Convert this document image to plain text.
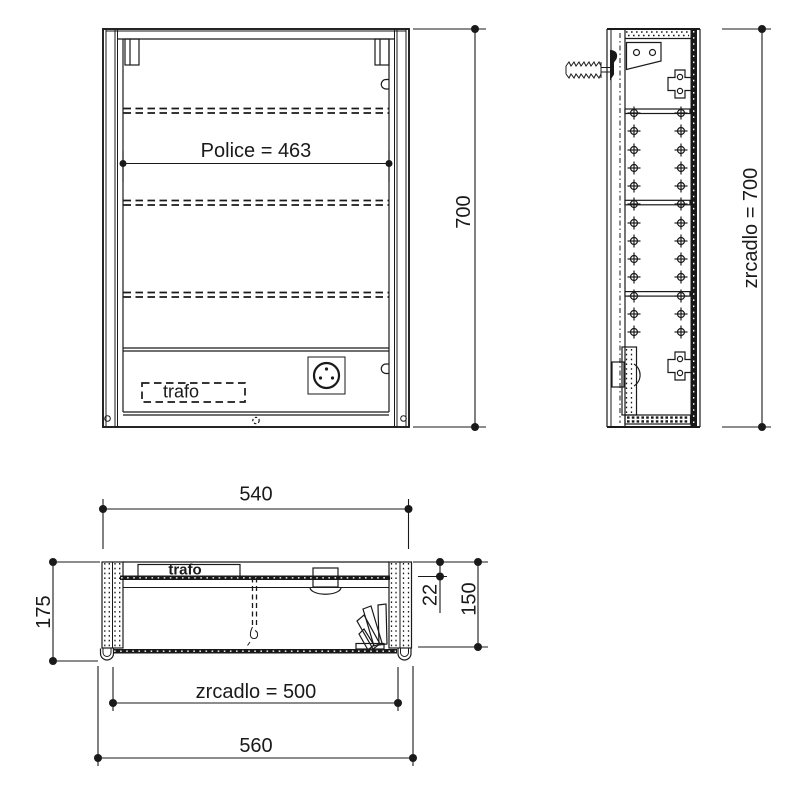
trafo
Police = 463
700	zrcadlo = 700
trafo
540
175
22 150
zrcadlo = 500
560
